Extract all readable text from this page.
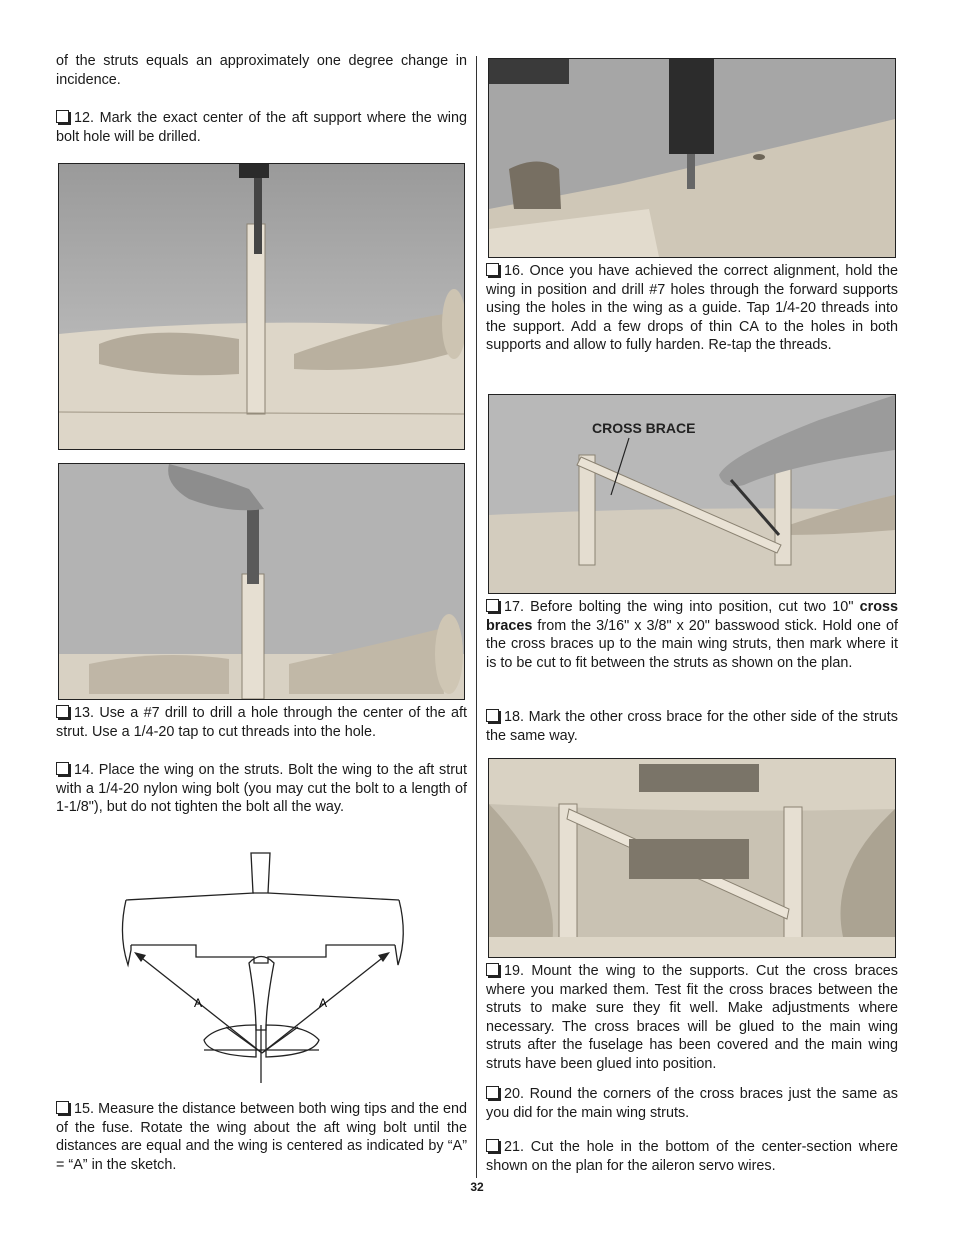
of the struts equals an approximately one degree change in incidence.

12. Mark the exact center of the aft support where the wing bolt hole will be drilled.

13. Use a #7 drill to drill a hole through the center of the aft strut. Use a 1/4-20 tap to cut threads into the hole.

14. Place the wing on the struts. Bolt the wing to the aft strut with a 1/4-20 nylon wing bolt (you may cut the bolt to a length of 1-1/8"), but do not tighten the bolt all the way.

A	A

15. Measure the distance between both wing tips and the end of the fuse. Rotate the wing about the aft wing bolt until the distances are equal and the wing is centered as indicated by “A” = “A” in the sketch.

16. Once you have achieved the correct alignment, hold the wing in position and drill #7 holes through the forward supports using the holes in the wing as a guide. Tap 1/4-20 threads into the support. Add a few drops of thin CA to the holes in both supports and allow to fully harden. Re-tap the threads.

CROSS BRACE

17. Before bolting the wing into position, cut two 10" cross braces from the 3/16" x 3/8" x 20" basswood stick. Hold one of the cross braces up to the main wing struts, then mark where it is to be cut to fit between the struts as shown on the plan.

18. Mark the other cross brace for the other side of the struts the same way.

19. Mount the wing to the supports. Cut the cross braces where you marked them. Test fit the cross braces between the struts to make sure they fit well. Make adjustments where necessary. The cross braces will be glued to the main wing struts after the fuselage has been covered and the main wing struts have been glued into position.

20. Round the corners of the cross braces just the same as you did for the main wing struts.

21. Cut the hole in the bottom of the center-section where shown on the plan for the aileron servo wires.

32
